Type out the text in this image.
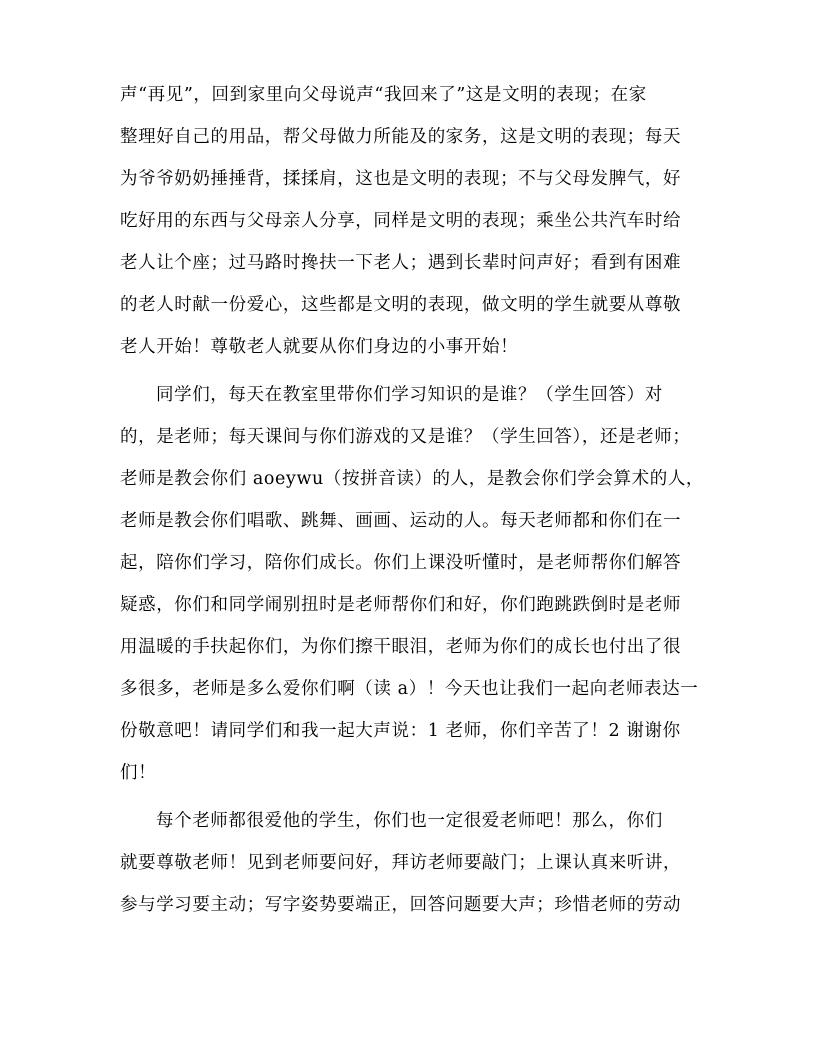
声“再见”，回到家里向父母说声“我回来了”这是文明的表现；在家
整理好自己的用品，帮父母做力所能及的家务，这是文明的表现；每天
为爷爷奶奶捶捶背，揉揉肩，这也是文明的表现；不与父母发脾气，好
吃好用的东西与父母亲人分享，同样是文明的表现；乘坐公共汽车时给
老人让个座；过马路时搀扶一下老人；遇到长辈时问声好；看到有困难
的老人时献一份爱心，这些都是文明的表现，做文明的学生就要从尊敬
老人开始！尊敬老人就要从你们身边的小事开始！
同学们，每天在教室里带你们学习知识的是谁？（学生回答）对
的，是老师；每天课间与你们游戏的又是谁？（学生回答），还是老师；
老师是教会你们 aoeywu（按拼音读）的人，是教会你们学会算术的人，
老师是教会你们唱歌、跳舞、画画、运动的人。每天老师都和你们在一
起，陪你们学习，陪你们成长。你们上课没听懂时，是老师帮你们解答
疑惑，你们和同学闹别扭时是老师帮你们和好，你们跑跳跌倒时是老师
用温暖的手扶起你们，为你们擦干眼泪，老师为你们的成长也付出了很
多很多，老师是多么爱你们啊（读 a）！今天也让我们一起向老师表达一
份敬意吧！请同学们和我一起大声说：1 老师，你们辛苦了！2 谢谢你
们！
每个老师都很爱他的学生，你们也一定很爱老师吧！那么，你们
就要尊敬老师！见到老师要问好，拜访老师要敲门；上课认真来听讲，
参与学习要主动；写字姿势要端正，回答问题要大声；珍惜老师的劳动
